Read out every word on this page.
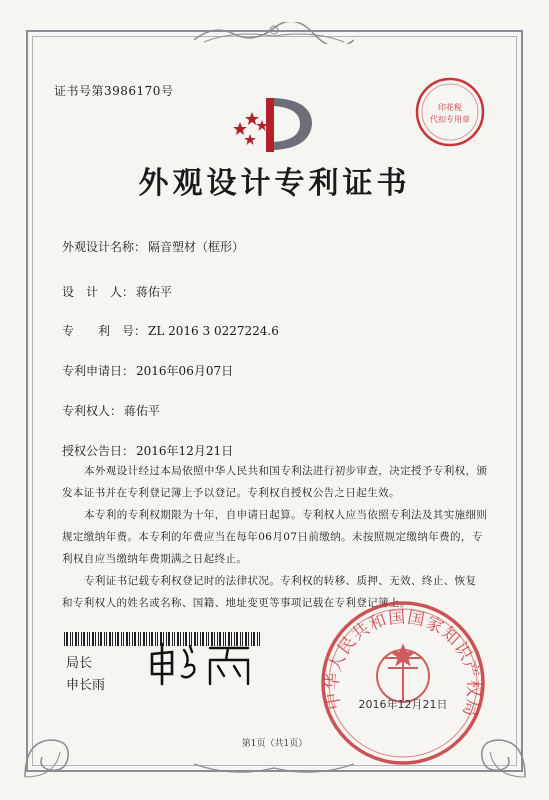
证书号第3986170号
印花税
代扣专用章
外观设计专利证书
外观设计名称： 隔音塑材（框形）
设　计　人： 蒋佑平
专　　利　号： ZL 2016 3 0227224.6
专利申请日： 2016年06月07日
专利权人： 蒋佑平
授权公告日： 2016年12月21日
本外观设计经过本局依照中华人民共和国专利法进行初步审查，决定授予专利权，颁发本证书并在专利登记簿上予以登记。专利权自授权公告之日起生效。
本专利的专利权期限为十年，自申请日起算。专利权人应当依照专利法及其实施细则规定缴纳年费。本专利的年费应当在每年06月07日前缴纳。未按照规定缴纳年费的，专利权自应当缴纳年费期满之日起终止。
专利证书记载专利权登记时的法律状况。专利权的转移、质押、无效、终止、恢复和专利权人的姓名或名称、国籍、地址变更等事项记载在专利登记簿上。
局长
申长雨
中华人民共和国国家知识产权局
2016年12月21日
第1页（共1页）
